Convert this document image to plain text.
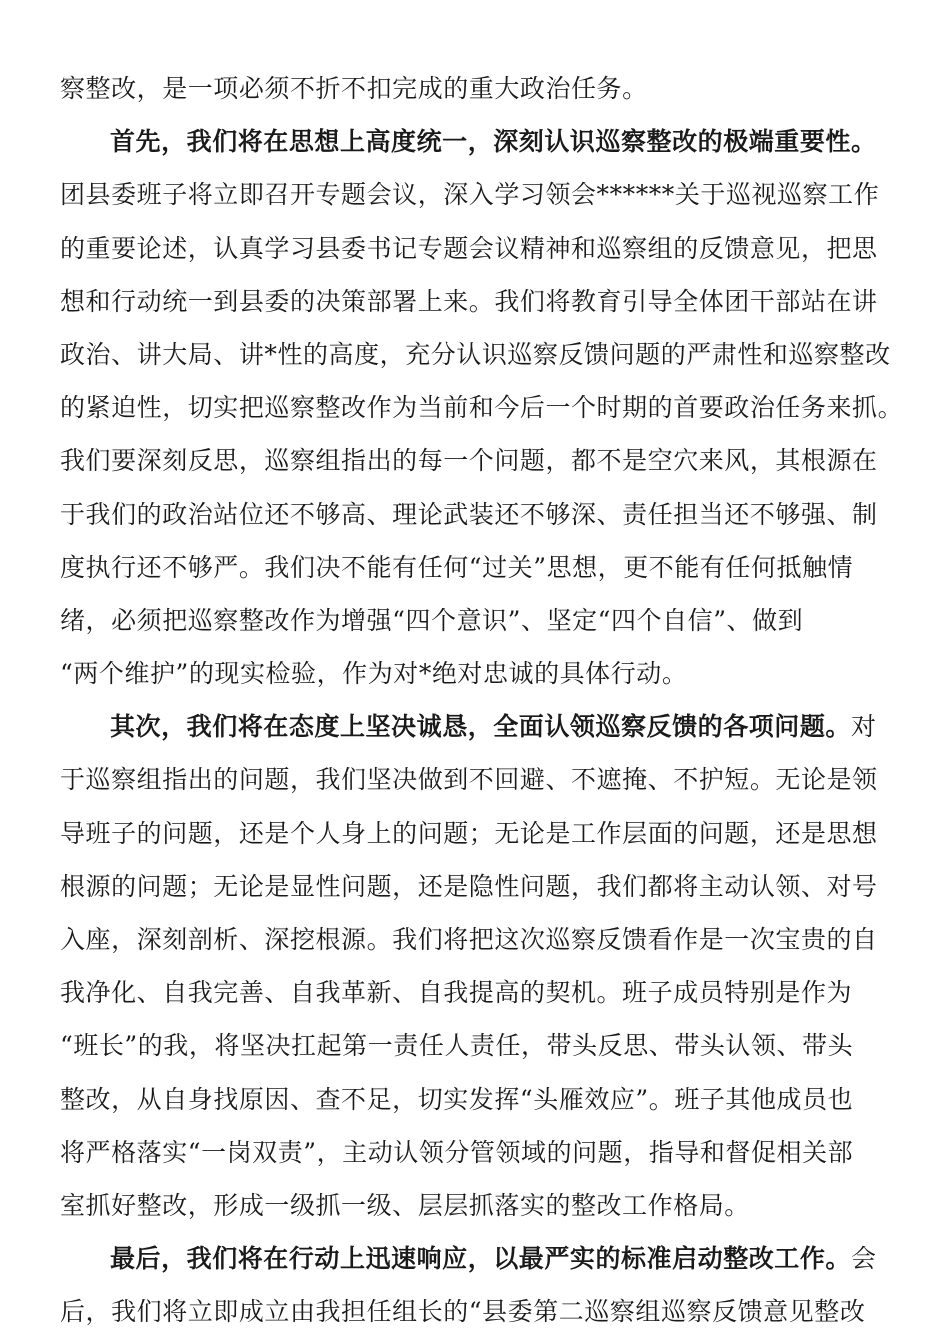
察整改，是一项必须不折不扣完成的重大政治任务。
首先，我们将在思想上高度统一，深刻认识巡察整改的极端重要性。
团县委班子将立即召开专题会议，深入学习领会******关于巡视巡察工作
的重要论述，认真学习县委书记专题会议精神和巡察组的反馈意见，把思
想和行动统一到县委的决策部署上来。我们将教育引导全体团干部站在讲
政治、讲大局、讲*性的高度，充分认识巡察反馈问题的严肃性和巡察整改
的紧迫性，切实把巡察整改作为当前和今后一个时期的首要政治任务来抓。
我们要深刻反思，巡察组指出的每一个问题，都不是空穴来风，其根源在
于我们的政治站位还不够高、理论武装还不够深、责任担当还不够强、制
度执行还不够严。我们决不能有任何“过关”思想，更不能有任何抵触情
绪，必须把巡察整改作为增强“四个意识”、坚定“四个自信”、做到
“两个维护”的现实检验，作为对*绝对忠诚的具体行动。
其次，我们将在态度上坚决诚恳，全面认领巡察反馈的各项问题。对
于巡察组指出的问题，我们坚决做到不回避、不遮掩、不护短。无论是领
导班子的问题，还是个人身上的问题；无论是工作层面的问题，还是思想
根源的问题；无论是显性问题，还是隐性问题，我们都将主动认领、对号
入座，深刻剖析、深挖根源。我们将把这次巡察反馈看作是一次宝贵的自
我净化、自我完善、自我革新、自我提高的契机。班子成员特别是作为
“班长”的我，将坚决扛起第一责任人责任，带头反思、带头认领、带头
整改，从自身找原因、查不足，切实发挥“头雁效应”。班子其他成员也
将严格落实“一岗双责”，主动认领分管领域的问题，指导和督促相关部
室抓好整改，形成一级抓一级、层层抓落实的整改工作格局。
最后，我们将在行动上迅速响应，以最严实的标准启动整改工作。会
后，我们将立即成立由我担任组长的“县委第二巡察组巡察反馈意见整改
